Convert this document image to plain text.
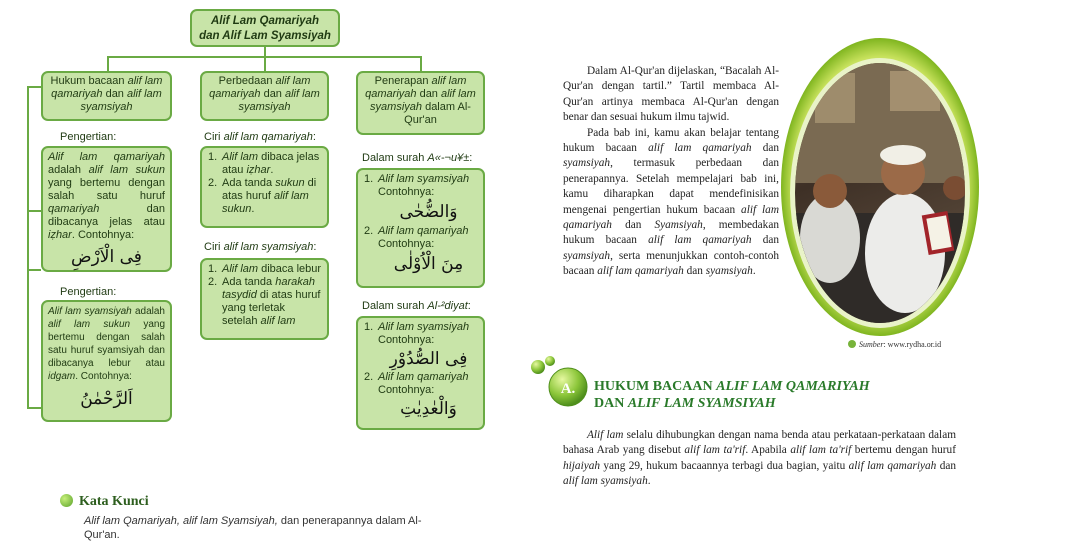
Alif Lam Qamariyah
dan Alif Lam Syamsiyah
Hukum bacaan alif lam
qamariyah dan alif lam
syamsiyah
Pengertian:
Alif lam qamariyah adalah alif lam sukun yang bertemu dengan salah satu huruf qamariyah dan dibacanya jelas atau iẓhar. Contohnya:
فِى الْاَرْضِ
Pengertian:
Alif lam syamsiyah adalah alif lam sukun yang bertemu dengan salah satu huruf syamsiyah dan dibacanya lebur atau idgam. Contohnya:
اَلرَّحْمٰنُ
Perbedaan alif lam qamariyah dan alif lam syamsiyah
Ciri alif lam qamariyah:
1. Alif lam dibaca jelas atau iẓhar.
2. Ada tanda sukun di atas huruf alif lam sukun.
Ciri alif lam syamsiyah:
1. Alif lam dibaca lebur
2. Ada tanda harakah tasydid di atas huruf yang terletak setelah alif lam
Penerapan alif lam qamariyah dan alif lam syamsiyah dalam Al-Qur'an
Dalam surah A«-¬u¥±:
1. Alif lam syamsiyah
Contohnya:
وَالضُّحٰى
2. Alif lam qamariyah
Contohnya:
مِنَ الْاُوْلٰى
Dalam surah Al-²diyat:
1. Alif lam syamsiyah
Contohnya:
فِى الصُّدُوْرِ
2. Alif lam qamariyah
Contohnya:
وَالْعٰدِيٰتِ
Kata Kunci
Alif lam Qamariyah, alif lam Syamsiyah, dan penerapannya dalam Al-Qur'an.

Dalam Al-Qur'an dijelaskan, “Bacalah Al-Qur'an dengan tartil.” Tartil membaca Al-Qur'an artinya membaca Al-Qur'an dengan benar dan sesuai hukum ilmu tajwid.

Pada bab ini, kamu akan belajar tentang hukum bacaan alif lam qamariyah dan syamsiyah, termasuk perbedaan dan penerapannya. Setelah mempelajari bab ini, kamu diharapkan dapat mendefinisikan mengenai pengertian hukum bacaan alif lam qamariyah dan Syamsiyah, membedakan hukum bacaan alif lam qamariyah dan syamsiyah, serta menunjukkan contoh-contoh bacaan alif lam qamariyah dan syamsiyah.

Sumber: www.rydha.or.id
A. HUKUM BACAAN ALIF LAM QAMARIYAH
DAN ALIF LAM SYAMSIYAH

Alif lam selalu dihubungkan dengan nama benda atau perkataan-perkataan dalam bahasa Arab yang disebut alif lam ta'rif. Apabila alif lam ta'rif bertemu dengan huruf hijaiyah yang 29, hukum bacaannya terbagi dua bagian, yaitu alif lam qamariyah dan alif lam syamsiyah.
